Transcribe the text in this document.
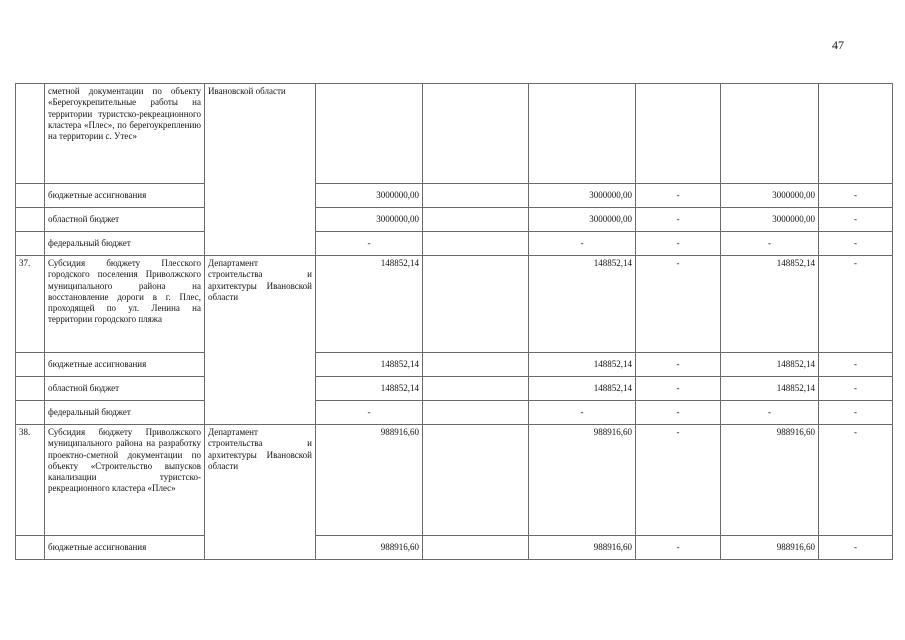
47
	сметной документации по объекту «Берегоукрепительные работы на территории туристско-рекреационного кластера «Плес», по берегоукреплению на территории с. Утес»	Ивановской области						
	бюджетные ассигнования		3000000,00		3000000,00	-	3000000,00	-
	областной бюджет		3000000,00		3000000,00	-	3000000,00	-
	федеральный бюджет		-		-	-	-	-
37.	Субсидия бюджету Плесского городского поселения Приволжского муниципального района на восстановление дороги в г. Плес, проходящей по ул. Ленина на территории городского пляжа	Департамент строительства и архитектуры Ивановской области	148852,14		148852,14	-	148852,14	-
	бюджетные ассигнования		148852,14		148852,14	-	148852,14	-
	областной бюджет		148852,14		148852,14	-	148852,14	-
	федеральный бюджет		-		-	-	-	-
38.	Субсидия бюджету Приволжского муниципального района на разработку проектно-сметной документации по объекту «Строительство выпусков канализации туристско-рекреационного кластера «Плес»	Департамент строительства и архитектуры Ивановской области	988916,60		988916,60	-	988916,60	-
	бюджетные ассигнования		988916,60		988916,60	-	988916,60	-
